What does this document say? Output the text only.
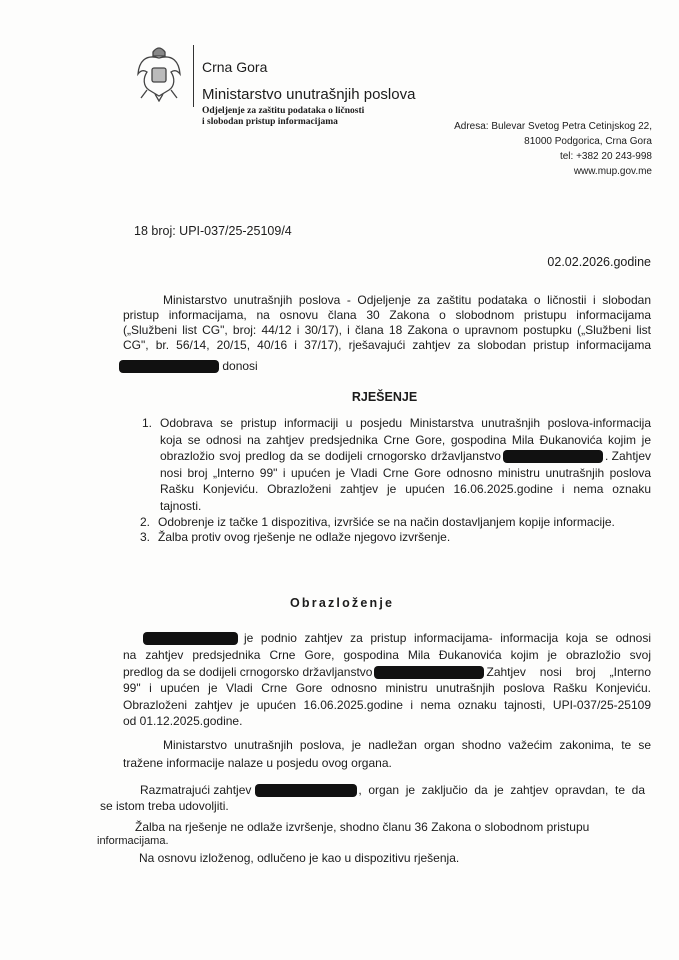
Crna Gora
Ministarstvo unutrašnjih poslova
Odjeljenje za zaštitu podataka o ličnosti
i slobodan pristup informacijama	Adresa: Bulevar Svetog Petra Cetinjskog 22,
81000 Podgorica, Crna Gora
tel: +382 20 243-998
www.mup.gov.me
18 broj: UPI-037/25-25109/4
02.02.2026.godine
Ministarstvo unutrašnjih poslova - Odjeljenje za zaštitu podataka o ličnostii i slobodan
pristup informacijama, na osnovu člana 30 Zakona o slobodnom pristupu informacijama
(„Službeni list CG", broj: 44/12 i 30/17), i člana 18 Zakona o upravnom postupku („Službeni list
CG", br. 56/14, 20/15, 40/16 i 37/17), rješavajući zahtjev za slobodan pristup informacijama
donosi
RJEŠENJE
1. Odobrava se pristup informaciji u posjedu Ministarstva unutrašnjih poslova-informacija
koja se odnosi na zahtjev predsjednika Crne Gore, gospodina Mila Đukanovića kojim je
obrazložio svoj predlog da se dodijeli crnogorsko državljanstvo	. Zahtjev
nosi broj „Interno 99" i upućen je Vladi Crne Gore odnosno ministru unutrašnjih poslova
Rašku Konjeviću. Obrazloženi zahtjev je upućen 16.06.2025.godine i nema oznaku
tajnosti.
2. Odobrenje iz tačke 1 dispozitiva, izvršiće se na način dostavljanjem kopije informacije.
3. Žalba protiv ovog rješenje ne odlaže njegovo izvršenje.
Obrazloženje
je podnio zahtjev za pristup informacijama- informacija koja se odnosi
na zahtjev predsjednika Crne Gore, gospodina Mila Đukanovića kojim je obrazložio svoj
predlog da se dodijeli crnogorsko državljanstvo	Zahtjev nosi broj „Interno
99" i upućen je Vladi Crne Gore odnosno ministru unutrašnjih poslova Rašku Konjeviću.
Obrazloženi zahtjev je upućen 16.06.2025.godine i nema oznaku tajnosti, UPI-037/25-25109
od 01.12.2025.godine.
Ministarstvo unutrašnjih poslova, je nadležan organ shodno važećim zakonima, te se
tražene informacije nalaze u posjedu ovog organa.
Razmatrajući zahtjev	, organ je zaključio da je zahtjev opravdan, te da
se istom treba udovoljiti.
Žalba na rješenje ne odlaže izvršenje, shodno članu 36 Zakona o slobodnom pristupu
informacijama.
Na osnovu izloženog, odlučeno je kao u dispozitivu rješenja.
